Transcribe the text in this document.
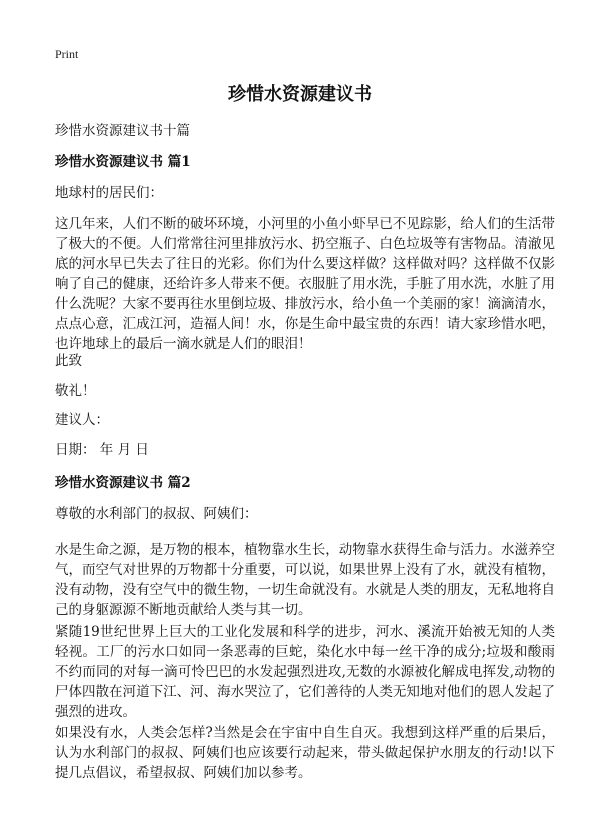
Print
珍惜水资源建议书

珍惜水资源建议书十篇

珍惜水资源建议书 篇1

地球村的居民们：

这几年来，人们不断的破坏环境，小河里的小鱼小虾早已不见踪影，给人们的生活带了极大的不便。人们常常往河里排放污水、扔空瓶子、白色垃圾等有害物品。清澈见底的河水早已失去了往日的光彩。你们为什么要这样做？这样做对吗？这样做不仅影响了自己的健康，还给许多人带来不便。衣服脏了用水洗，手脏了用水洗，水脏了用什么洗呢？大家不要再往水里倒垃圾、排放污水，给小鱼一个美丽的家！滴滴清水，点点心意，汇成江河，造福人间！水，你是生命中最宝贵的东西！请大家珍惜水吧，也许地球上的最后一滴水就是人们的眼泪！

此致

敬礼！

建议人：

日期： 年 月 日

珍惜水资源建议书 篇2

尊敬的水利部门的叔叔、阿姨们：

水是生命之源，是万物的根本，植物靠水生长，动物靠水获得生命与活力。水滋养空气，而空气对世界的万物都十分重要，可以说，如果世界上没有了水，就没有植物，没有动物，没有空气中的微生物，一切生命就没有。水就是人类的朋友，无私地将自己的身躯源源不断地贡献给人类与其一切。

紧随19世纪世界上巨大的工业化发展和科学的进步，河水、溪流开始被无知的人类轻视。工厂的污水口如同一条恶毒的巨蛇，染化水中每一丝干净的成分;垃圾和酸雨不约而同的对每一滴可怜巴巴的水发起强烈进攻,无数的水源被化解成电挥发,动物的尸体四散在河道下江、河、海水哭泣了，它们善待的人类无知地对他们的恩人发起了强烈的进攻。

如果没有水，人类会怎样?当然是会在宇宙中自生自灭。我想到这样严重的后果后，认为水利部门的叔叔、阿姨们也应该要行动起来，带头做起保护水朋友的行动!以下提几点倡议，希望叔叔、阿姨们加以参考。
